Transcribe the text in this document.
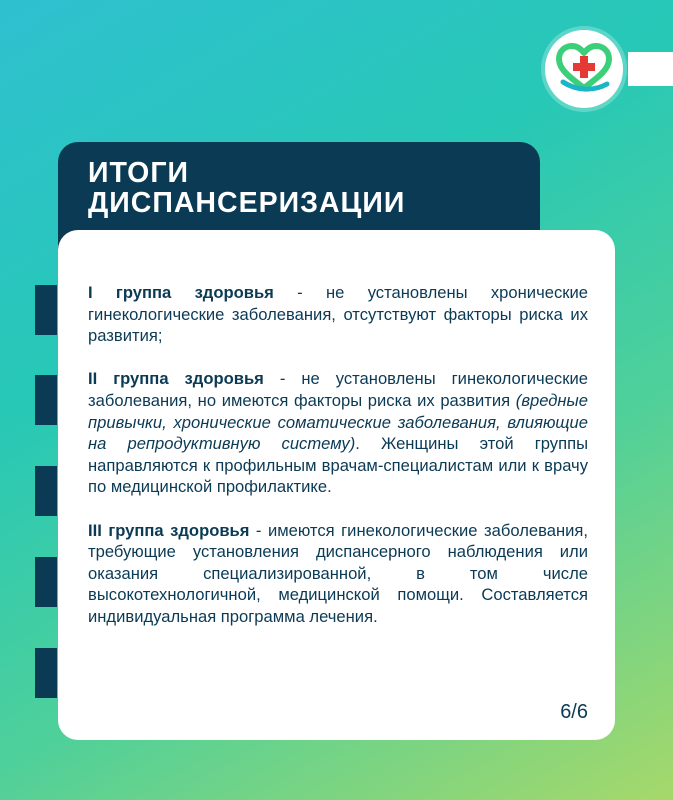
ИТОГИ ДИСПАНСЕРИЗАЦИИ

I группа здоровья - не установлены хронические гинекологические заболевания, отсутствуют факторы риска их развития;

II группа здоровья - не установлены гинекологические заболевания, но имеются факторы риска их развития (вредные привычки, хронические соматические заболевания, влияющие на репродуктивную систему). Женщины этой группы направляются к профильным врачам-специалистам или к врачу по медицинской профилактике.

III группа здоровья - имеются гинекологические заболевания, требующие установления диспансерного наблюдения или оказания специализированной, в том числе высокотехнологичной, медицинской помощи. Составляется индивидуальная программа лечения.

6/6
